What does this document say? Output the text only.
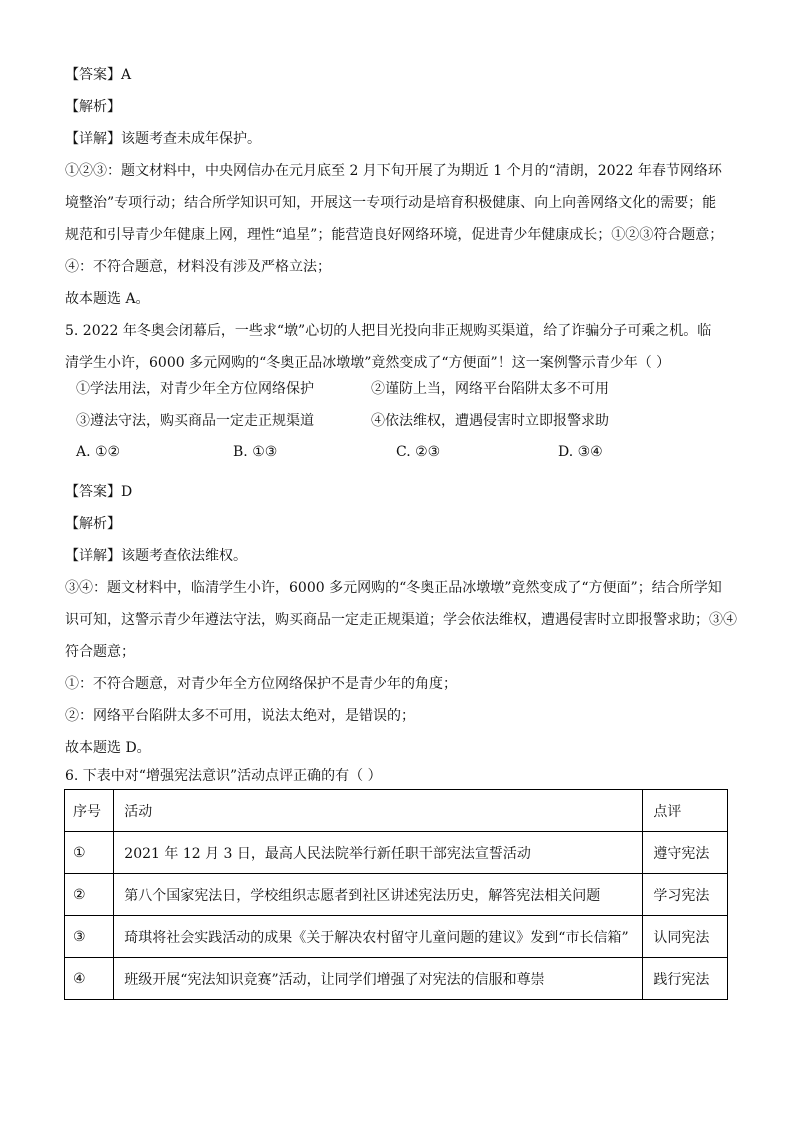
【答案】A
【解析】
【详解】该题考查未成年保护。
①②③：题文材料中，中央网信办在元月底至 2 月下旬开展了为期近 1 个月的“清朗，2022 年春节网络环
境整治”专项行动；结合所学知识可知，开展这一专项行动是培育积极健康、向上向善网络文化的需要；能
规范和引导青少年健康上网，理性“追星”；能营造良好网络环境，促进青少年健康成长；①②③符合题意；
④：不符合题意，材料没有涉及严格立法；
故本题选 A。
5. 2022 年冬奥会闭幕后，一些求“墩”心切的人把目光投向非正规购买渠道，给了诈骗分子可乘之机。临
清学生小许，6000 多元网购的“冬奥正品冰墩墩”竟然变成了“方便面”！这一案例警示青少年（ ）
①学法用法，对青少年全方位网络保护	②谨防上当，网络平台陷阱太多不可用
③遵法守法，购买商品一定走正规渠道	④依法维权，遭遇侵害时立即报警求助
A. ①②	B. ①③	C. ②③	D. ③④
【答案】D
【解析】
【详解】该题考查依法维权。
③④：题文材料中，临清学生小许，6000 多元网购的“冬奥正品冰墩墩”竟然变成了“方便面”；结合所学知
识可知，这警示青少年遵法守法，购买商品一定走正规渠道；学会依法维权，遭遇侵害时立即报警求助；③④
符合题意；
①：不符合题意，对青少年全方位网络保护不是青少年的角度；
②：网络平台陷阱太多不可用，说法太绝对，是错误的；
故本题选 D。
6. 下表中对“增强宪法意识”活动点评正确的有（ ）
序号	活动	点评
①	2021 年 12 月 3 日，最高人民法院举行新任职干部宪法宣誓活动	遵守宪法
②	第八个国家宪法日，学校组织志愿者到社区讲述宪法历史，解答宪法相关问题	学习宪法
③	琦琪将社会实践活动的成果《关于解决农村留守儿童问题的建议》发到“市长信箱”	认同宪法
④	班级开展“宪法知识竞赛”活动，让同学们增强了对宪法的信服和尊崇	践行宪法
